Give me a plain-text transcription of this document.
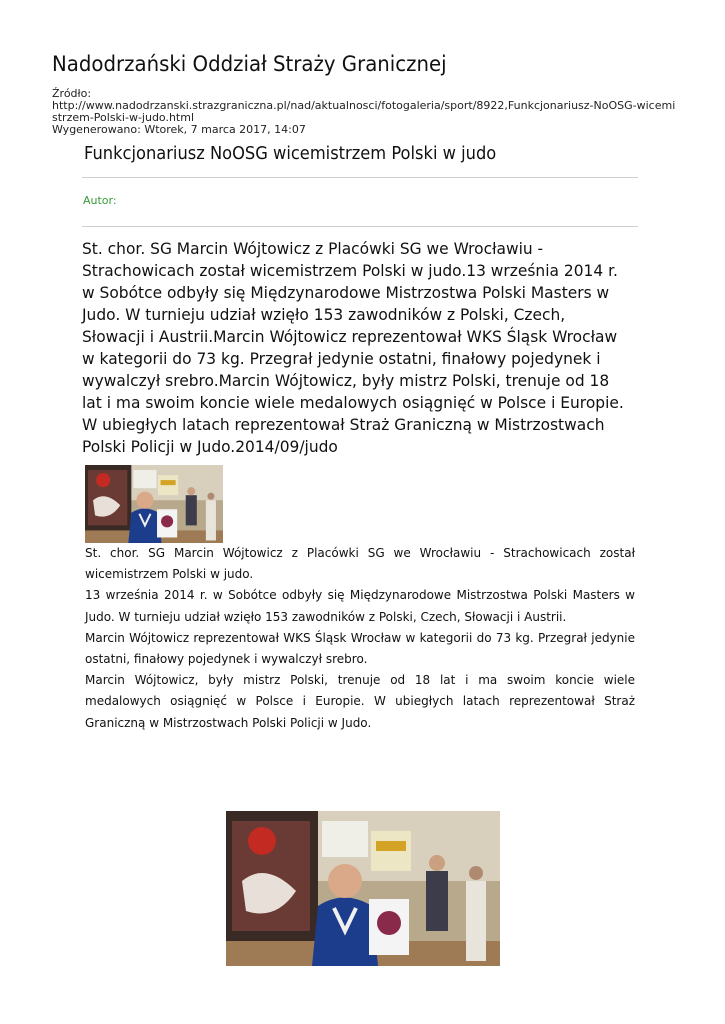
Nadodrzański Oddział Straży Granicznej
Źródło:
http://www.nadodrzanski.strazgraniczna.pl/nad/aktualnosci/fotogaleria/sport/8922,Funkcjonariusz-NoOSG-wicemi
strzem-Polski-w-judo.html
Wygenerowano: Wtorek, 7 marca 2017, 14:07
Funkcjonariusz NoOSG wicemistrzem Polski w judo
Autor:
St. chor. SG Marcin Wójtowicz z Placówki SG we Wrocławiu - Strachowicach został wicemistrzem Polski w judo.13 września 2014 r. w Sobótce odbyły się Międzynarodowe Mistrzostwa Polski Masters w Judo. W turnieju udział wzięło 153 zawodników z Polski, Czech, Słowacji i Austrii.Marcin Wójtowicz reprezentował WKS Śląsk Wrocław w kategorii do 73 kg. Przegrał jedynie ostatni, finałowy pojedynek i wywalczył srebro.Marcin Wójtowicz, były mistrz Polski, trenuje od 18 lat i ma swoim koncie wiele medalowych osiągnięć w Polsce i Europie. W ubiegłych latach reprezentował Straż Graniczną w Mistrzostwach Polski Policji w Judo.2014/09/judo

St. chor. SG Marcin Wójtowicz z Placówki SG we Wrocławiu - Strachowicach został wicemistrzem Polski w judo.

13 września 2014 r. w Sobótce odbyły się Międzynarodowe Mistrzostwa Polski Masters w Judo. W turnieju udział wzięło 153 zawodników z Polski, Czech, Słowacji i Austrii.

Marcin Wójtowicz reprezentował WKS Śląsk Wrocław w kategorii do 73 kg. Przegrał jedynie ostatni, finałowy pojedynek i wywalczył srebro.

Marcin Wójtowicz, były mistrz Polski, trenuje od 18 lat i ma swoim koncie wiele medalowych osiągnięć w Polsce i Europie. W ubiegłych latach reprezentował Straż Graniczną w Mistrzostwach Polski Policji w Judo.
